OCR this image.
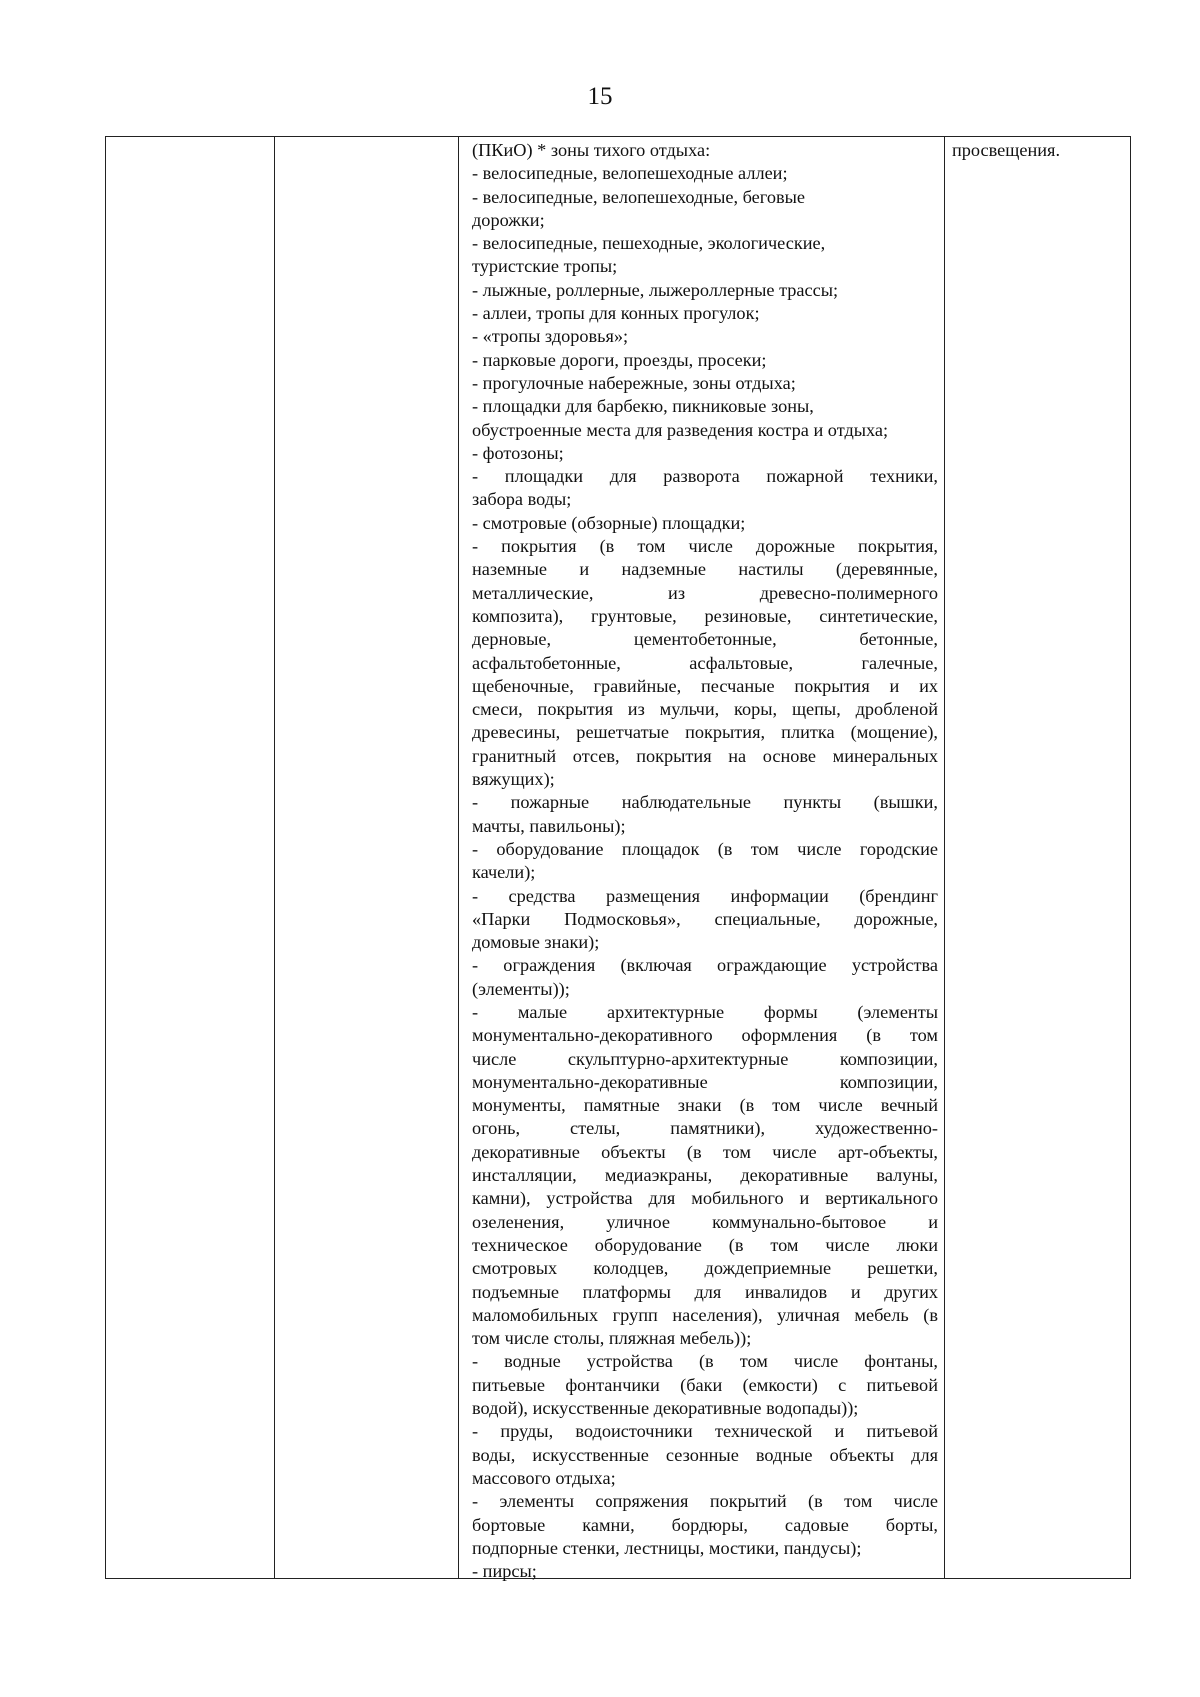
15
(ПКиО) * зоны тихого отдыха:
- велосипедные, велопешеходные аллеи;
- велосипедные, велопешеходные, беговые
дорожки;
- велосипедные, пешеходные, экологические,
туристские тропы;
- лыжные, роллерные, лыжероллерные трассы;
- аллеи, тропы для конных прогулок;
- «тропы здоровья»;
- парковые дороги, проезды, просеки;
- прогулочные набережные, зоны отдыха;
- площадки для барбекю, пикниковые зоны,
обустроенные места для разведения костра и отдыха;
- фотозоны;
- площадки для разворота пожарной техники,
забора воды;
- смотровые (обзорные) площадки;
- покрытия (в том числе дорожные покрытия,
наземные и надземные настилы (деревянные,
металлические, из древесно-полимерного
композита), грунтовые, резиновые, синтетические,
дерновые, цементобетонные, бетонные,
асфальтобетонные, асфальтовые, галечные,
щебеночные, гравийные, песчаные покрытия и их
смеси, покрытия из мульчи, коры, щепы, дробленой
древесины, решетчатые покрытия, плитка (мощение),
гранитный отсев, покрытия на основе минеральных
вяжущих);
- пожарные наблюдательные пункты (вышки,
мачты, павильоны);
- оборудование площадок (в том числе городские
качели);
- средства размещения информации (брендинг
«Парки Подмосковья», специальные, дорожные,
домовые знаки);
- ограждения (включая ограждающие устройства
(элементы));
- малые архитектурные формы (элементы
монументально-декоративного оформления (в том
числе скульптурно-архитектурные композиции,
монументально-декоративные композиции,
монументы, памятные знаки (в том числе вечный
огонь, стелы, памятники), художественно-
декоративные объекты (в том числе арт-объекты,
инсталляции, медиаэкраны, декоративные валуны,
камни), устройства для мобильного и вертикального
озеленения, уличное коммунально-бытовое и
техническое оборудование (в том числе люки
смотровых колодцев, дождеприемные решетки,
подъемные платформы для инвалидов и других
маломобильных групп населения), уличная мебель (в
том числе столы, пляжная мебель));
- водные устройства (в том числе фонтаны,
питьевые фонтанчики (баки (емкости) с питьевой
водой), искусственные декоративные водопады));
- пруды, водоисточники технической и питьевой
воды, искусственные сезонные водные объекты для
массового отдыха;
- элементы сопряжения покрытий (в том числе
бортовые камни, бордюры, садовые борты,
подпорные стенки, лестницы, мостики, пандусы);
- пирсы;
просвещения.
